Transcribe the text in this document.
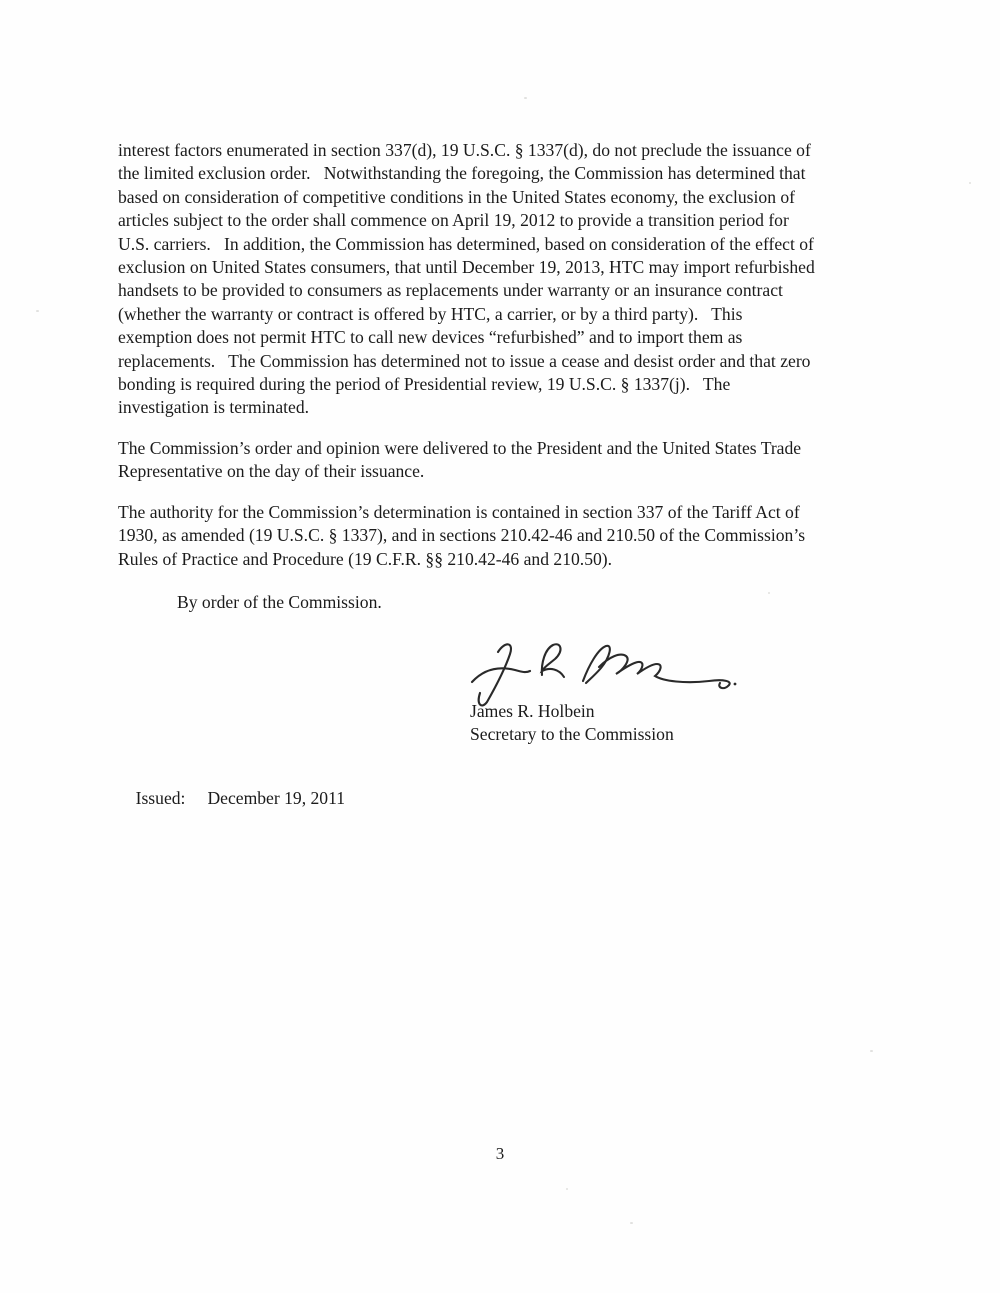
interest factors enumerated in section 337(d), 19 U.S.C. § 1337(d), do not preclude the issuance of
the limited exclusion order.   Notwithstanding the foregoing, the Commission has determined that
based on consideration of competitive conditions in the United States economy, the exclusion of
articles subject to the order shall commence on April 19, 2012 to provide a transition period for
U.S. carriers.   In addition, the Commission has determined, based on consideration of the effect of
exclusion on United States consumers, that until December 19, 2013, HTC may import refurbished
handsets to be provided to consumers as replacements under warranty or an insurance contract
(whether the warranty or contract is offered by HTC, a carrier, or by a third party).   This
exemption does not permit HTC to call new devices “refurbished” and to import them as
replacements.   The Commission has determined not to issue a cease and desist order and that zero
bonding is required during the period of Presidential review, 19 U.S.C. § 1337(j).   The
investigation is terminated.
The Commission’s order and opinion were delivered to the President and the United States Trade
Representative on the day of their issuance.
The authority for the Commission’s determination is contained in section 337 of the Tariff Act of
1930, as amended (19 U.S.C. § 1337), and in sections 210.42-46 and 210.50 of the Commission’s
Rules of Practice and Procedure (19 C.F.R. §§ 210.42-46 and 210.50).
By order of the Commission.
James R. Holbein
Secretary to the Commission

Issued: December 19, 2011

3
